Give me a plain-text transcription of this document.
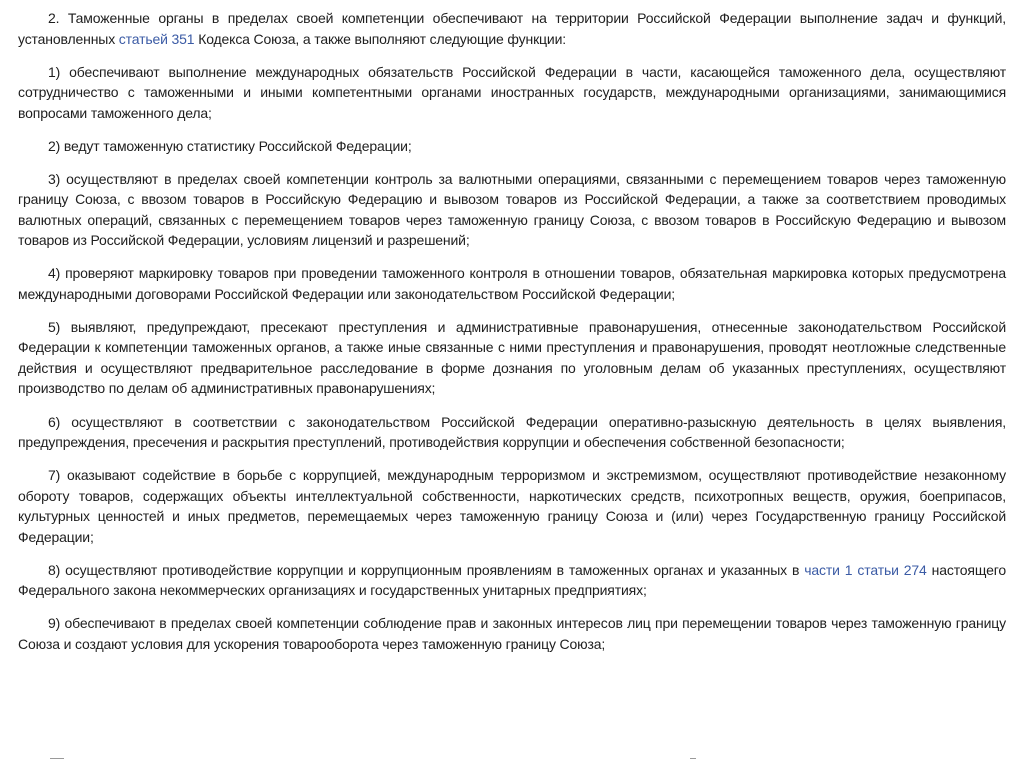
2. Таможенные органы в пределах своей компетенции обеспечивают на территории Российской Федерации выполнение задач и функций, установленных статьей 351 Кодекса Союза, а также выполняют следующие функции:

1) обеспечивают выполнение международных обязательств Российской Федерации в части, касающейся таможенного дела, осуществляют сотрудничество с таможенными и иными компетентными органами иностранных государств, международными организациями, занимающимися вопросами таможенного дела;

2) ведут таможенную статистику Российской Федерации;

3) осуществляют в пределах своей компетенции контроль за валютными операциями, связанными с перемещением товаров через таможенную границу Союза, с ввозом товаров в Российскую Федерацию и вывозом товаров из Российской Федерации, а также за соответствием проводимых валютных операций, связанных с перемещением товаров через таможенную границу Союза, с ввозом товаров в Российскую Федерацию и вывозом товаров из Российской Федерации, условиям лицензий и разрешений;

4) проверяют маркировку товаров при проведении таможенного контроля в отношении товаров, обязательная маркировка которых предусмотрена международными договорами Российской Федерации или законодательством Российской Федерации;

5) выявляют, предупреждают, пресекают преступления и административные правонарушения, отнесенные законодательством Российской Федерации к компетенции таможенных органов, а также иные связанные с ними преступления и правонарушения, проводят неотложные следственные действия и осуществляют предварительное расследование в форме дознания по уголовным делам об указанных преступлениях, осуществляют производство по делам об административных правонарушениях;

6) осуществляют в соответствии с законодательством Российской Федерации оперативно-разыскную деятельность в целях выявления, предупреждения, пресечения и раскрытия преступлений, противодействия коррупции и обеспечения собственной безопасности;

7) оказывают содействие в борьбе с коррупцией, международным терроризмом и экстремизмом, осуществляют противодействие незаконному обороту товаров, содержащих объекты интеллектуальной собственности, наркотических средств, психотропных веществ, оружия, боеприпасов, культурных ценностей и иных предметов, перемещаемых через таможенную границу Союза и (или) через Государственную границу Российской Федерации;

8) осуществляют противодействие коррупции и коррупционным проявлениям в таможенных органах и указанных в части 1 статьи 274 настоящего Федерального закона некоммерческих организациях и государственных унитарных предприятиях;

9) обеспечивают в пределах своей компетенции соблюдение прав и законных интересов лиц при перемещении товаров через таможенную границу Союза и создают условия для ускорения товарооборота через таможенную границу Союза;
